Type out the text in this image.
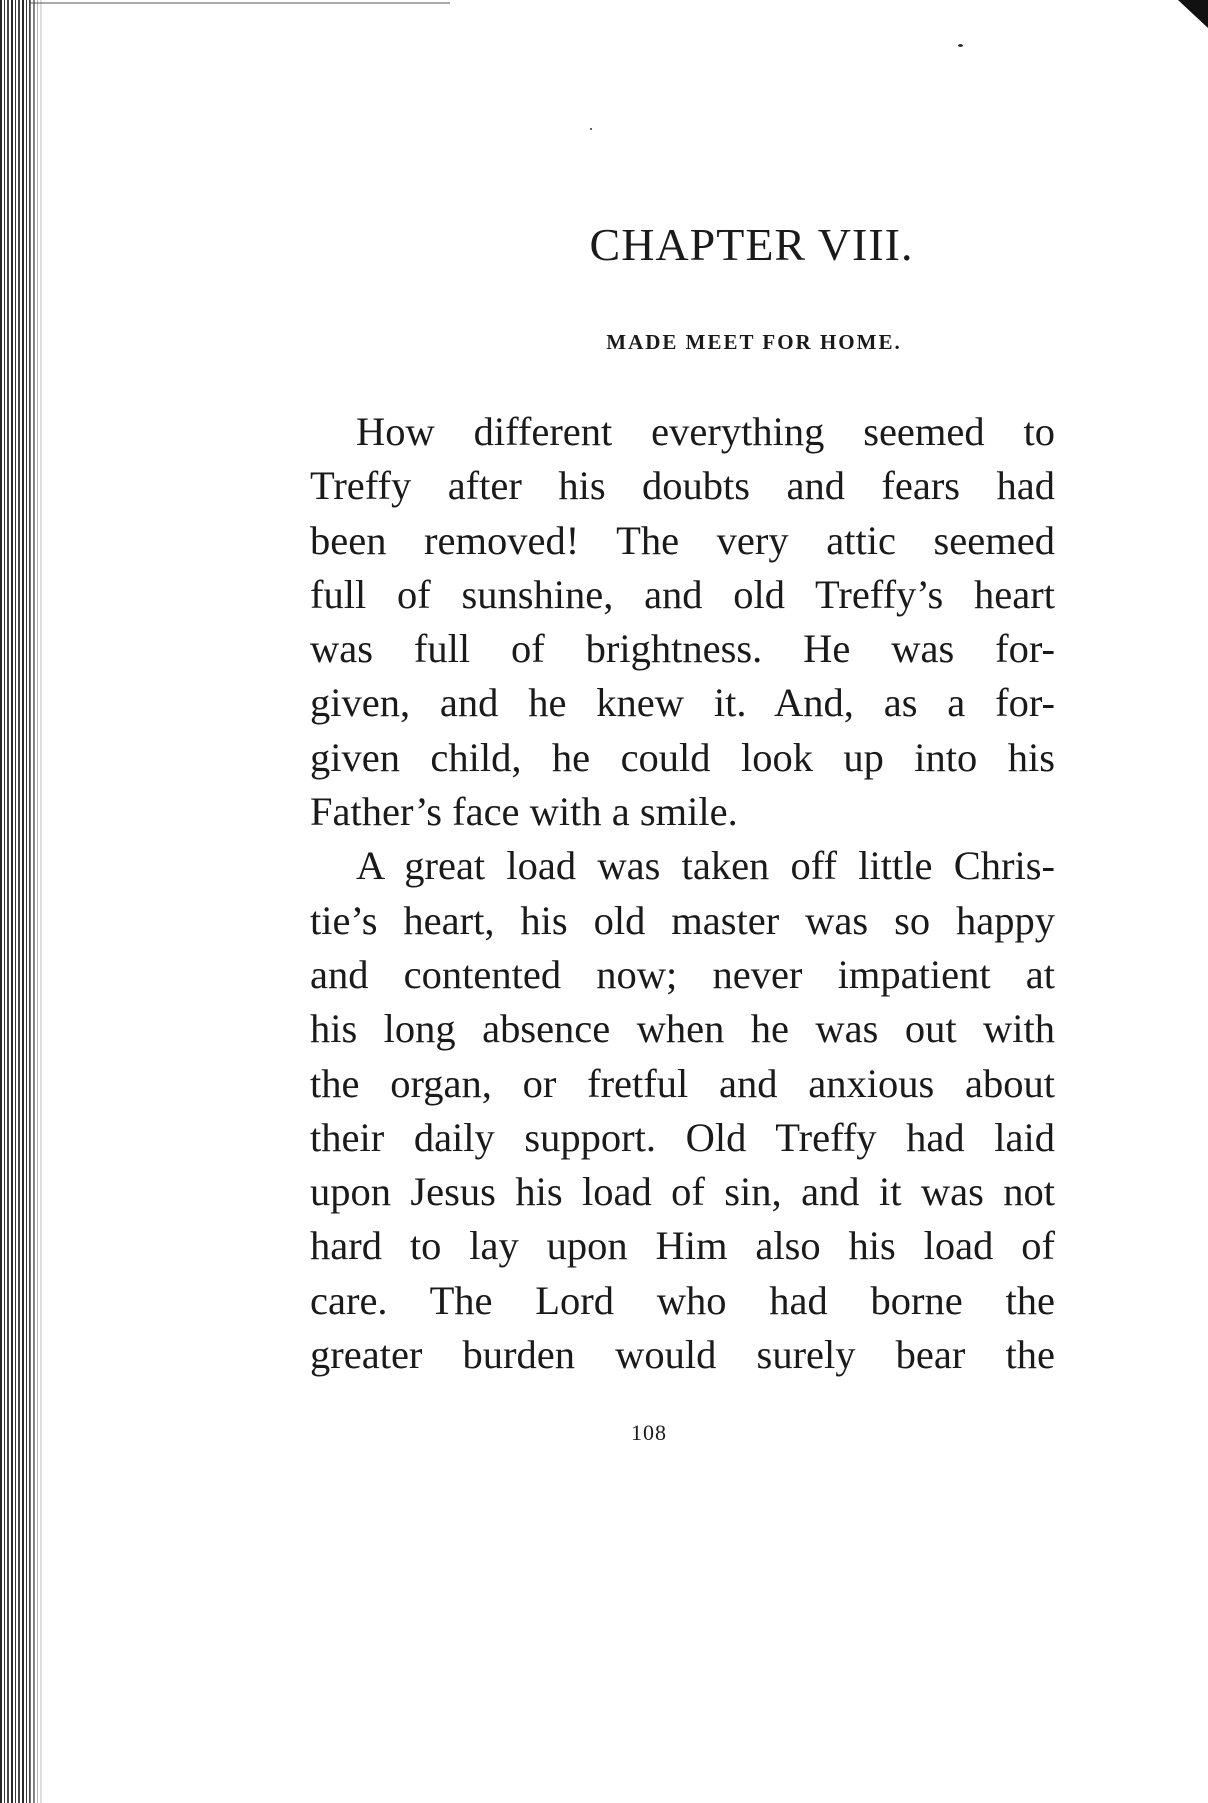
CHAPTER VIII.
MADE MEET FOR HOME.
How different everything seemed to
Treffy after his doubts and fears had
been removed! The very attic seemed
full of sunshine, and old Treffy’s heart
was full of brightness. He was for-
given, and he knew it. And, as a for-
given child, he could look up into his
Father’s face with a smile.
A great load was taken off little Chris-
tie’s heart, his old master was so happy
and contented now; never impatient at
his long absence when he was out with
the organ, or fretful and anxious about
their daily support. Old Treffy had laid
upon Jesus his load of sin, and it was not
hard to lay upon Him also his load of
care. The Lord who had borne the
greater burden would surely bear the
108
